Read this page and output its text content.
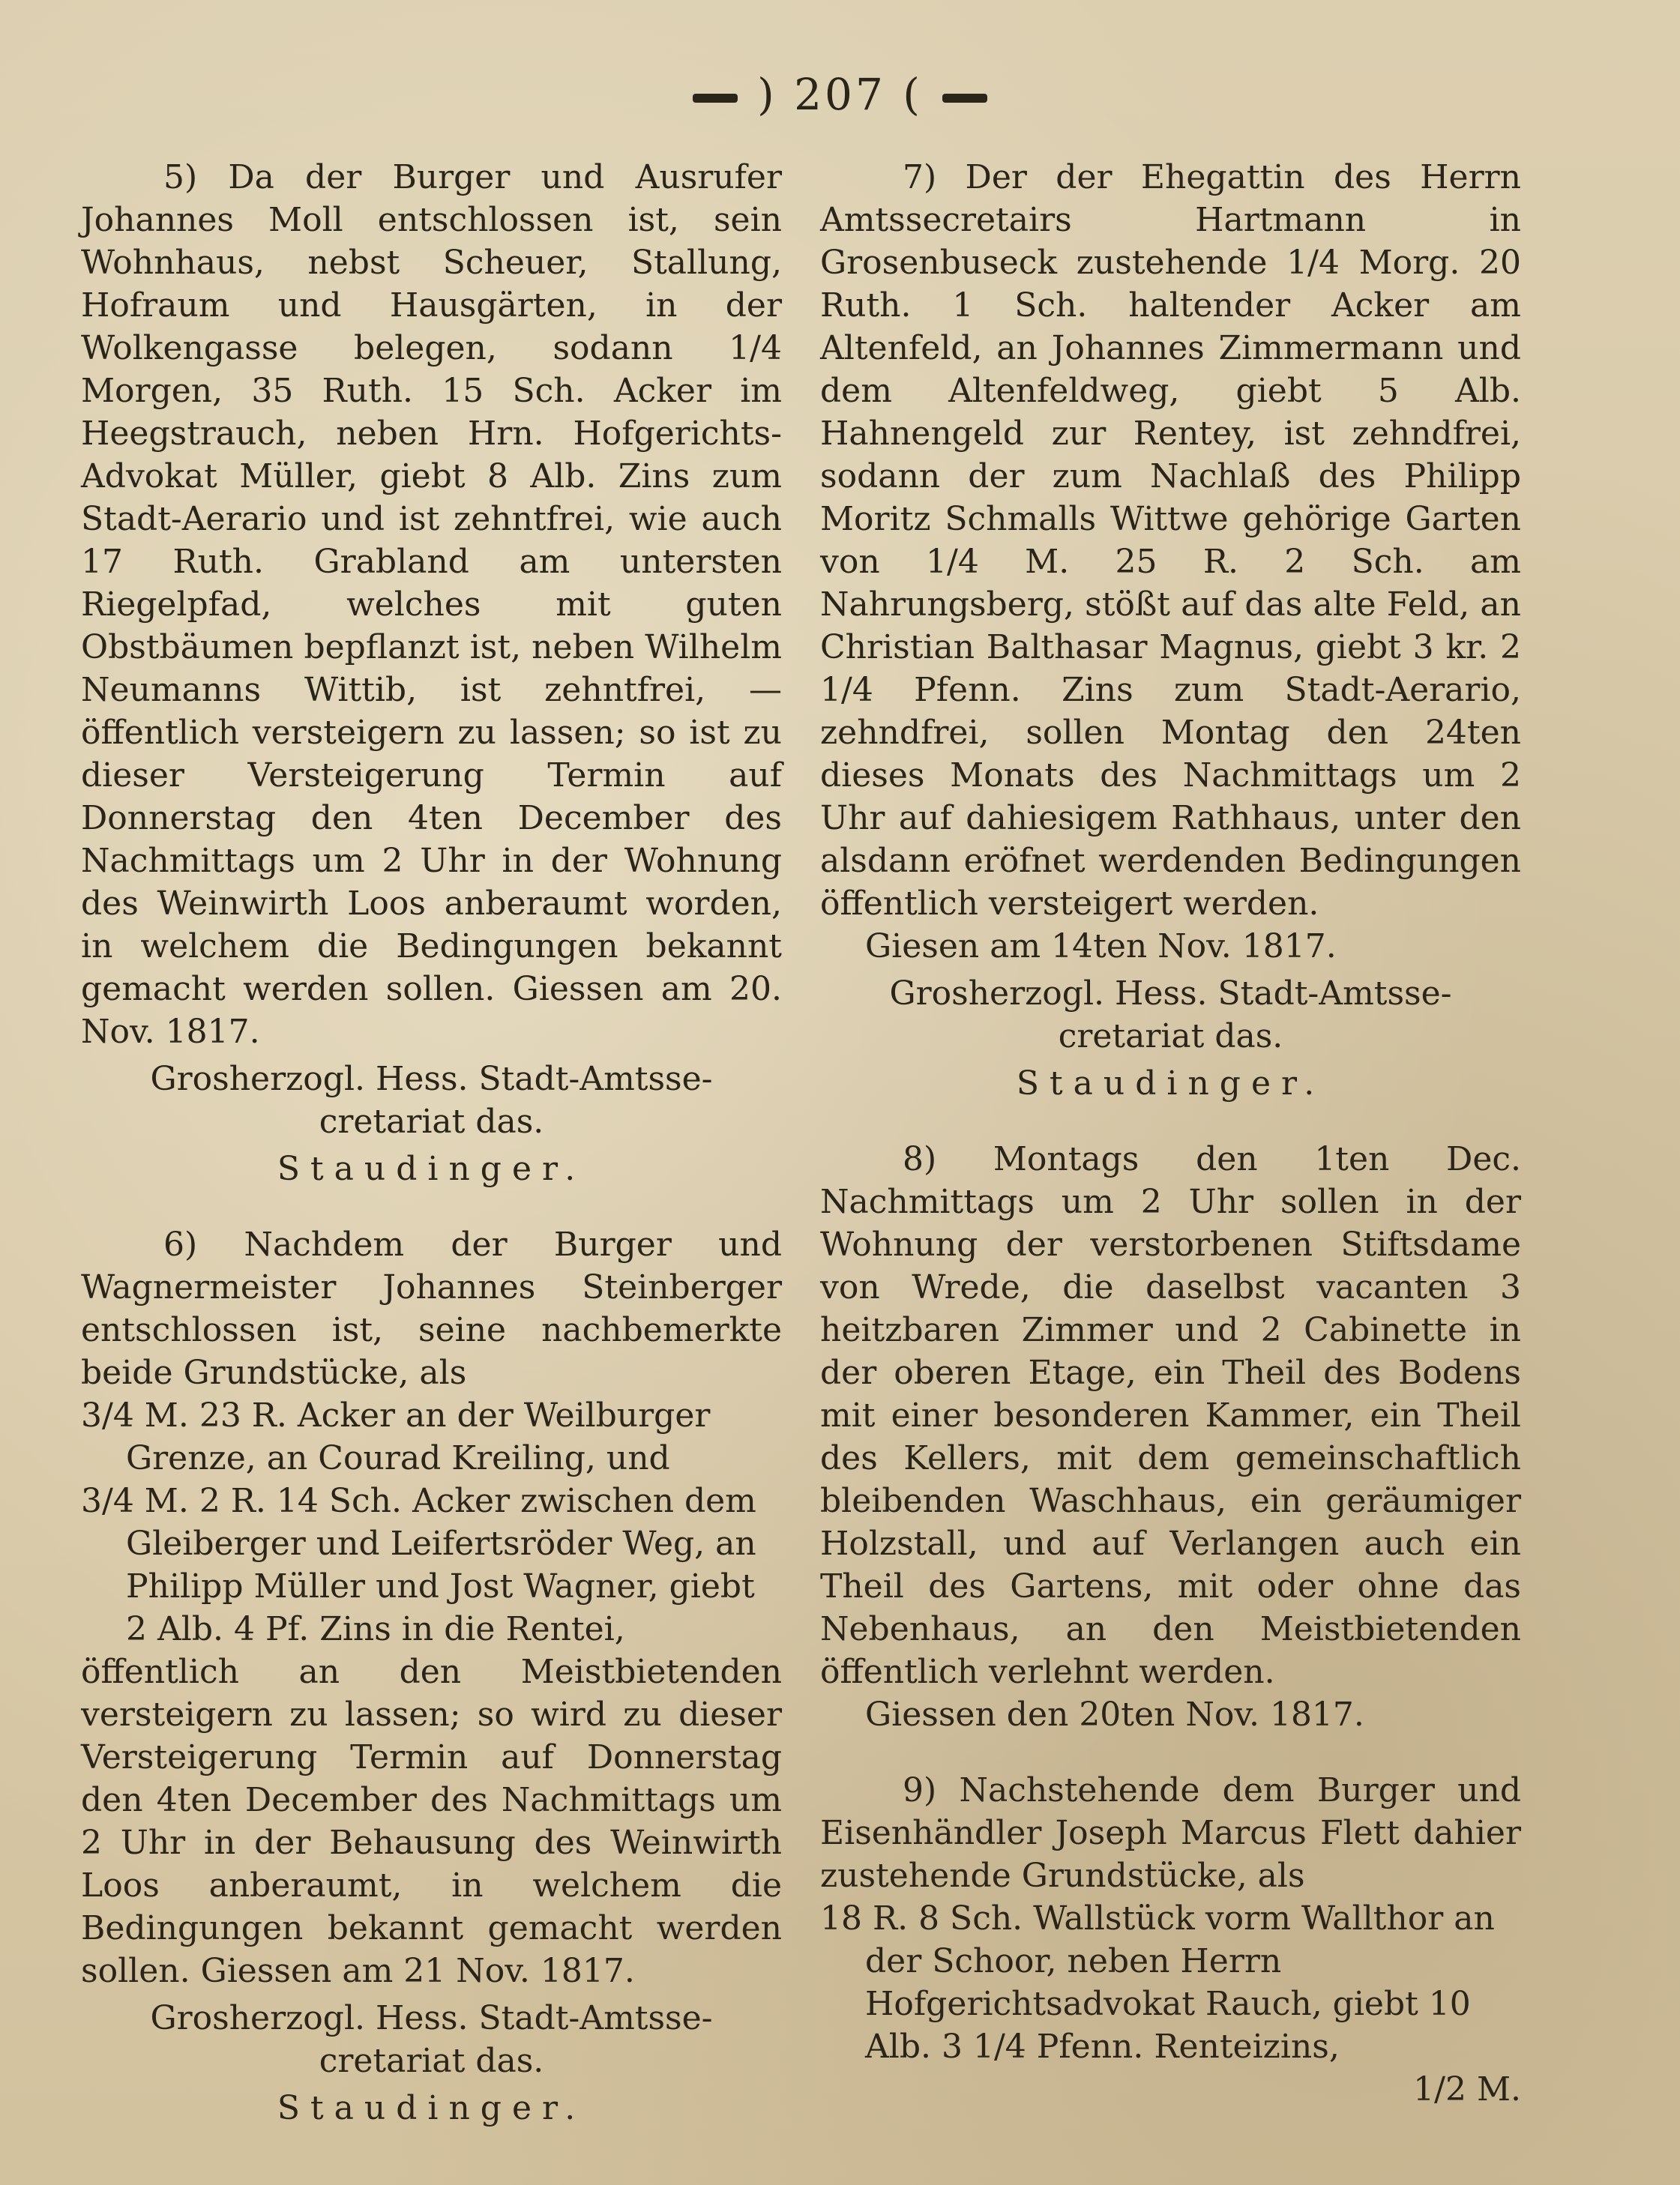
) 207 (

5) Da der Burger und Ausrufer Johannes Moll entschlossen ist, sein Wohnhaus, nebst Scheuer, Stallung, Hofraum und Hausgärten, in der Wolkengasse belegen, sodann 1/4 Morgen, 35 Ruth. 15 Sch. Acker im Heegstrauch, neben Hrn. Hofgerichts-Advokat Müller, giebt 8 Alb. Zins zum Stadt-Aerario und ist zehntfrei, wie auch 17 Ruth. Grabland am untersten Riegelpfad, welches mit guten Obstbäumen bepflanzt ist, neben Wilhelm Neumanns Wittib, ist zehntfrei, — öffentlich versteigern zu lassen; so ist zu dieser Versteigerung Termin auf Donnerstag den 4ten December des Nachmittags um 2 Uhr in der Wohnung des Weinwirth Loos anberaumt worden, in welchem die Bedingungen bekannt gemacht werden sollen. Giessen am 20. Nov. 1817.

Grosherzogl. Hess. Stadt-Amtsse-

cretariat das.

Staudinger.

6) Nachdem der Burger und Wagnermeister Johannes Steinberger entschlossen ist, seine nachbemerkte beide Grundstücke, als

3/4 M. 23 R. Acker an der Weilburger Grenze, an Courad Kreiling, und

3/4 M. 2 R. 14 Sch. Acker zwischen dem Gleiberger und Leifertsröder Weg, an Philipp Müller und Jost Wagner, giebt 2 Alb. 4 Pf. Zins in die Rentei,

öffentlich an den Meistbietenden versteigern zu lassen; so wird zu dieser Versteigerung Termin auf Donnerstag den 4ten December des Nachmittags um 2 Uhr in der Behausung des Weinwirth Loos anberaumt, in welchem die Bedingungen bekannt gemacht werden sollen. Giessen am 21 Nov. 1817.

Grosherzogl. Hess. Stadt-Amtsse-

cretariat das.

Staudinger.

7) Der der Ehegattin des Herrn Amtssecretairs Hartmann in Grosenbuseck zustehende 1/4 Morg. 20 Ruth. 1 Sch. haltender Acker am Altenfeld, an Johannes Zimmermann und dem Altenfeldweg, giebt 5 Alb. Hahnengeld zur Rentey, ist zehndfrei, sodann der zum Nachlaß des Philipp Moritz Schmalls Wittwe gehörige Garten von 1/4 M. 25 R. 2 Sch. am Nahrungsberg, stößt auf das alte Feld, an Christian Balthasar Magnus, giebt 3 kr. 2 1/4 Pfenn. Zins zum Stadt-Aerario, zehndfrei, sollen Montag den 24ten dieses Monats des Nachmittags um 2 Uhr auf dahiesigem Rathhaus, unter den alsdann eröfnet werdenden Bedingungen öffentlich versteigert werden.

Giesen am 14ten Nov. 1817.

Grosherzogl. Hess. Stadt-Amtsse-

cretariat das.

Staudinger.

8) Montags den 1ten Dec. Nachmittags um 2 Uhr sollen in der Wohnung der verstorbenen Stiftsdame von Wrede, die daselbst vacanten 3 heitzbaren Zimmer und 2 Cabinette in der oberen Etage, ein Theil des Bodens mit einer besonderen Kammer, ein Theil des Kellers, mit dem gemeinschaftlich bleibenden Waschhaus, ein geräumiger Holzstall, und auf Verlangen auch ein Theil des Gartens, mit oder ohne das Nebenhaus, an den Meistbietenden öffentlich verlehnt werden.

Giessen den 20ten Nov. 1817.

9) Nachstehende dem Burger und Eisenhändler Joseph Marcus Flett dahier zustehende Grundstücke, als

18 R. 8 Sch. Wallstück vorm Wallthor an der Schoor, neben Herrn Hofgerichtsadvokat Rauch, giebt 10 Alb. 3 1/4 Pfenn. Renteizins,

1/2 M.
